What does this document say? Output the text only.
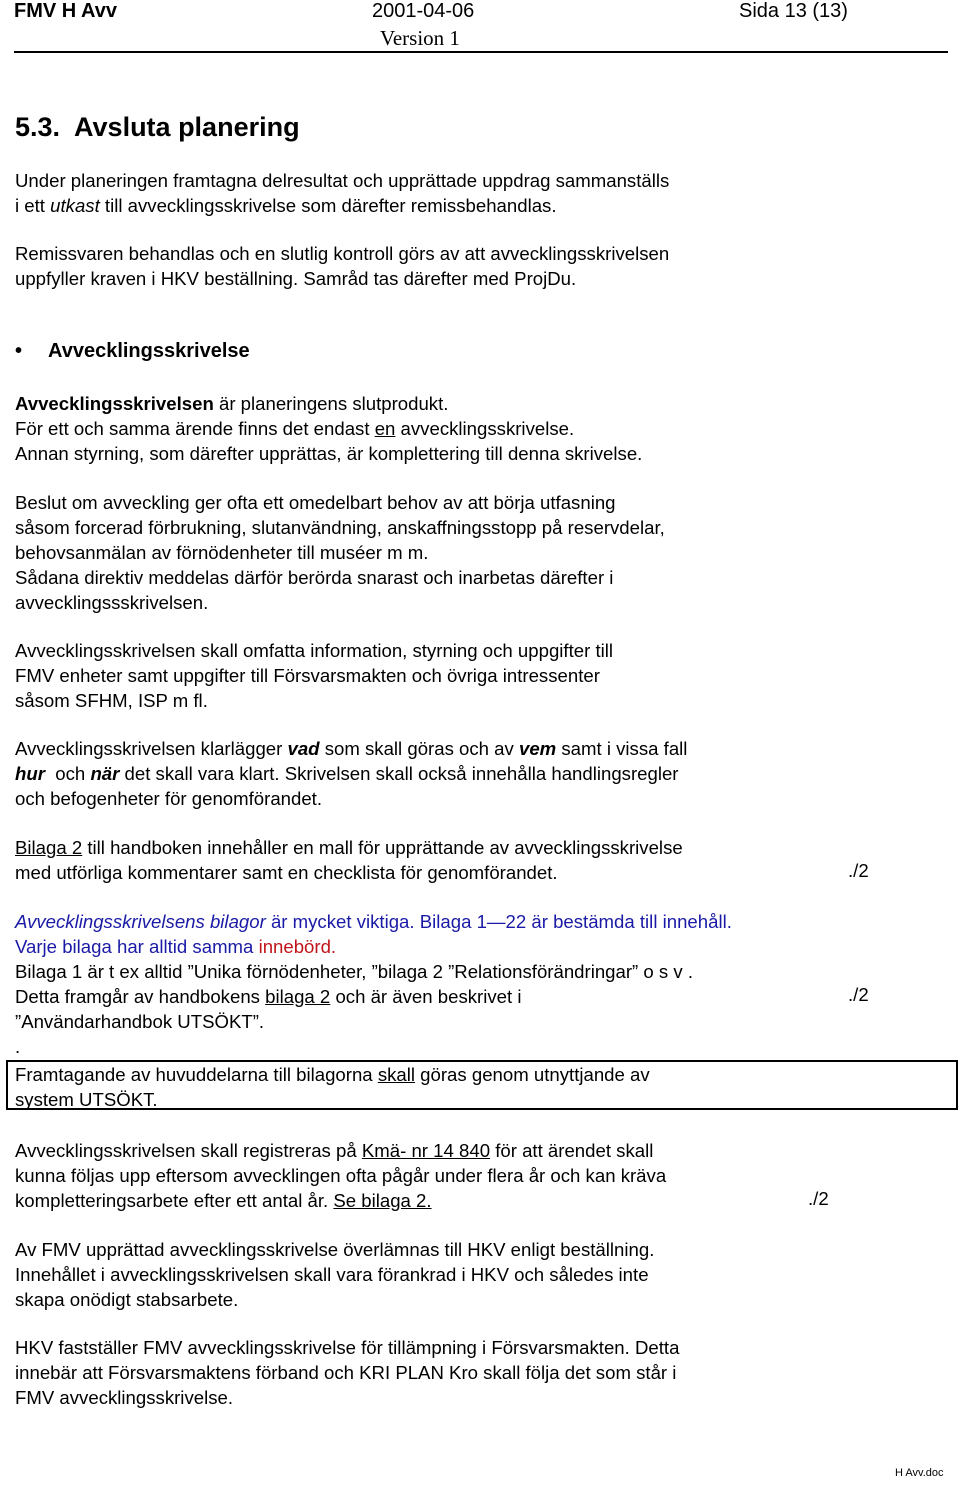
FMV H Avv	2001-04-06	Sida 13 (13)
Version 1
5.3.  Avsluta planering
Under planeringen framtagna delresultat och upprättade uppdrag sammanställs
i ett utkast till avvecklingsskrivelse som därefter remissbehandlas.
Remissvaren behandlas och en slutlig kontroll görs av att avvecklingsskrivelsen
uppfyller kraven i HKV beställning. Samråd tas därefter med ProjDu.
• Avvecklingsskrivelse
Avvecklingsskrivelsen är planeringens slutprodukt.
För ett och samma ärende finns det endast en avvecklingsskrivelse.
Annan styrning, som därefter upprättas, är komplettering till denna skrivelse.
Beslut om avveckling ger ofta ett omedelbart behov av att börja utfasning
såsom forcerad förbrukning, slutanvändning, anskaffningsstopp på reservdelar,
behovsanmälan av förnödenheter till muséer m m.
Sådana direktiv meddelas därför berörda snarast och inarbetas därefter i
avvecklingssskrivelsen.
Avvecklingsskrivelsen skall omfatta information, styrning och uppgifter till
FMV enheter samt uppgifter till Försvarsmakten och övriga intressenter
såsom SFHM, ISP m fl.
Avvecklingsskrivelsen klarlägger vad som skall göras och av vem samt i vissa fall
hur  och när det skall vara klart. Skrivelsen skall också innehålla handlingsregler
och befogenheter för genomförandet.
Bilaga 2 till handboken innehåller en mall för upprättande av avvecklingsskrivelse
med utförliga kommentarer samt en checklista för genomförandet.	./2
Avvecklingsskrivelsens bilagor är mycket viktiga. Bilaga 1—22 är bestämda till innehåll.
Varje bilaga har alltid samma innebörd.
Bilaga 1 är t ex alltid ”Unika förnödenheter, ”bilaga 2 ”Relationsförändringar” o s v .
Detta framgår av handbokens bilaga 2 och är även beskrivet i
”Användarhandbok UTSÖKT”.
.
./2
Framtagande av huvuddelarna till bilagorna skall göras genom utnyttjande av
system UTSÖKT.
Avvecklingsskrivelsen skall registreras på Kmä- nr 14 840 för att ärendet skall
kunna följas upp eftersom avvecklingen ofta pågår under flera år och kan kräva
kompletteringsarbete efter ett antal år. Se bilaga 2.	./2
Av FMV upprättad avvecklingsskrivelse överlämnas till HKV enligt beställning.
Innehållet i avvecklingsskrivelsen skall vara förankrad i HKV och således inte
skapa onödigt stabsarbete.
HKV fastställer FMV avvecklingsskrivelse för tillämpning i Försvarsmakten. Detta
innebär att Försvarsmaktens förband och KRI PLAN Kro skall följa det som står i
FMV avvecklingsskrivelse.
H Avv.doc
